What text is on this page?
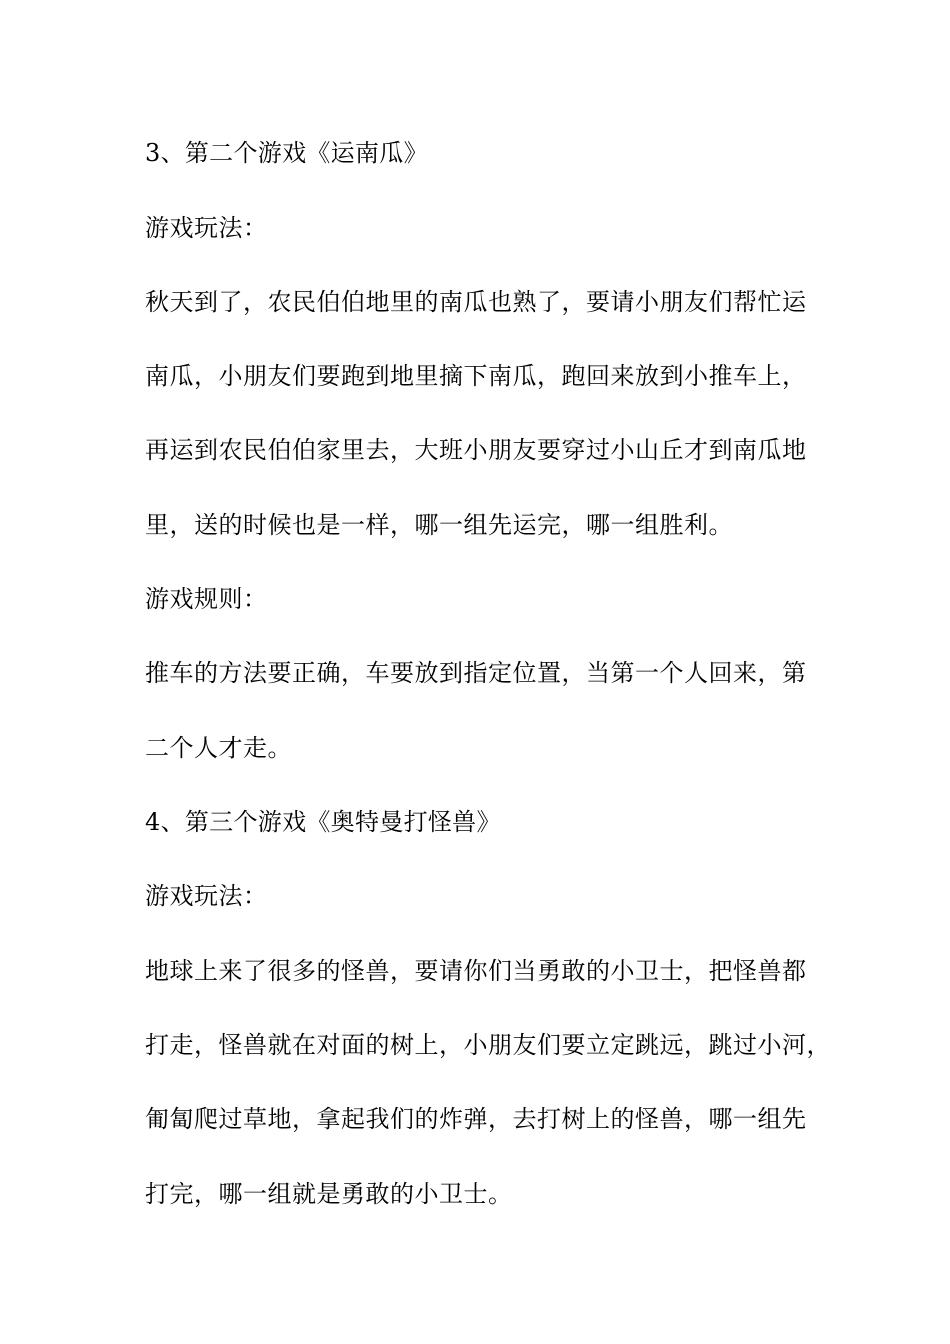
3、第二个游戏《运南瓜》
游戏玩法：
秋天到了，农民伯伯地里的南瓜也熟了，要请小朋友们帮忙运
南瓜，小朋友们要跑到地里摘下南瓜，跑回来放到小推车上，
再运到农民伯伯家里去，大班小朋友要穿过小山丘才到南瓜地
里，送的时候也是一样，哪一组先运完，哪一组胜利。
游戏规则：
推车的方法要正确，车要放到指定位置，当第一个人回来，第
二个人才走。
4、第三个游戏《奥特曼打怪兽》
游戏玩法：
地球上来了很多的怪兽，要请你们当勇敢的小卫士，把怪兽都
打走，怪兽就在对面的树上，小朋友们要立定跳远，跳过小河，
匍匐爬过草地，拿起我们的炸弹，去打树上的怪兽，哪一组先
打完，哪一组就是勇敢的小卫士。
